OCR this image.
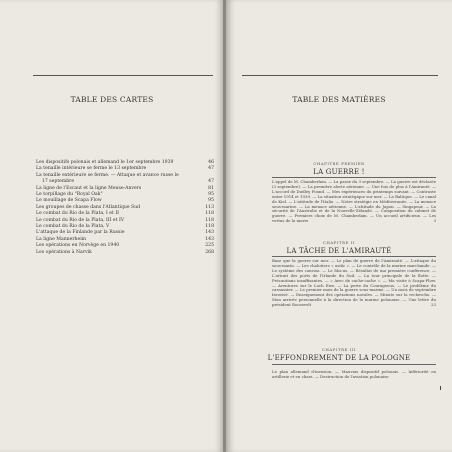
TABLE DES CARTES
Les dispositifs polonais et allemand le 1er septembre 1939	46
La tenaille intérieure se ferme le 13 septembre	47
La tenaille extérieure se ferme. — Attaque et avance russe le
17 septembre	47
La ligne de l'Escaut et la ligne Meuse-Anvers	81
Le torpillage du "Royal Oak"	95
Le mouillage de Scapa Flow	95
Les groupes de chasse dans l'Atlantique Sud	113
Le combat du Rio de la Plata, I et II	118
Le combat du Rio de la Plata, III et IV	118
Le combat du Rio de la Plata, V	118
L'attaque de la Finlande par la Russie	143
La ligne Mannerheim	143
Les opérations en Norvège en 1940	225
Les opérations à Narvik	268
TABLE DES MATIÈRES
CHAPITRE PREMIER
LA GUERRE !
L'appel de M. Chamberlain. — La passe du 3 septembre. — La guerre est déclarée (3 septembre). — La première alerte aérienne. — Une fois de plus à l'Amirauté. — L'accord de Dudley Pound. — Mes expériences du printemps suivant. — Contraste entre 1914 et 1939. — La situation stratégique sur mer. — La Baltique. — Le canal de Kiel. — L'attitude de l'Italie. — Notre stratégie en Méditerranée. — La menace sous-marine. — La menace aérienne. — L'attitude du Japon. — Singapour. — La sécurité de l'Australie et de la Nouvelle-Zélande. — Composition du cabinet de guerre. — Premiers choix de M. Chamberlain. — Un accueil artificieux. — Les vertus de la morte	3
CHAPITRE II
LA TÂCHE DE L'AMIRAUTÉ
Base que la guerre sur mer. — Le plan de guerre de l'Amirauté. — L'attaque du sous-marin. — Les chalutiers « asdic ». — Le contrôle de la marine marchande. — Le système des convois. — Le blocus. — Résultat de ma première conférence. — L'attrait des ports de l'Irlande du Sud. — La tour principale de la flotte. — Précautions insuffisantes. — « Avec de cache-cache ». — Ma visite à Scapa-Flow. — Aventures sur le Loch Ewe. — La perte du Courageous. — Le problème du carnassier. — Le premier mois de la guerre sous-marine. — Un mois de septembre favorisé. — Enseignement des opérations navales. — Minute sur la recherche. — Mon arrivée personnelle à la direction de la marine polonaise. — Une lettre du président Roosevelt	23
CHAPITRE III
L'EFFONDREMENT DE LA POLOGNE
Le plan allemand d'invasion. — Mauvais dispositif polonais. — Infériorité en artillerie et en chars. — Destruction de l'aviation polonaise
